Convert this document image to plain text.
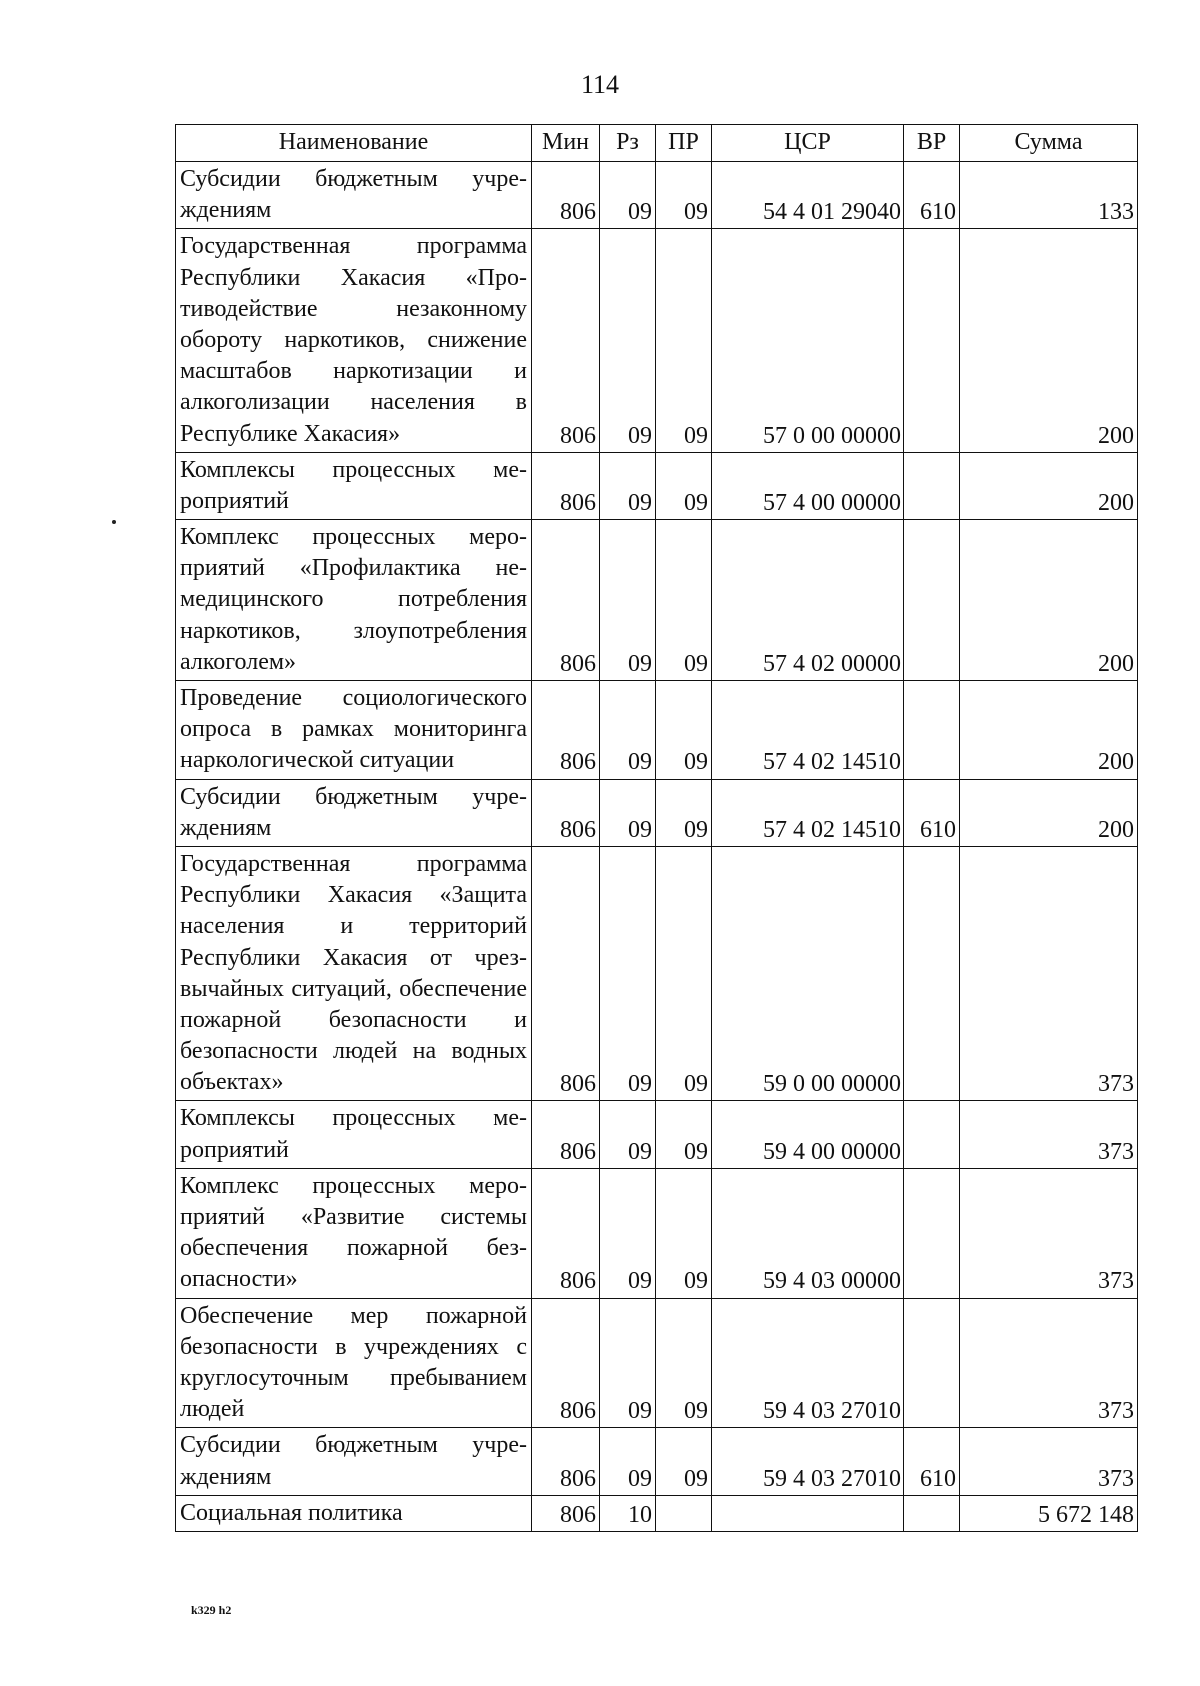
114
Наименование	Мин	Рз	ПР	ЦСР	ВР	Сумма
Субсидии бюджетным учреждениям	806	09	09	54 4 01 29040	610	133
Государственная программа Республики Хакасия «Противодействие незаконному обороту наркотиков, снижение масштабов наркотизации и алкоголизации населения в Республике Хакасия»	806	09	09	57 0 00 00000		200
Комплексы процессных мероприятий	806	09	09	57 4 00 00000		200
Комплекс процессных мероприятий «Профилактика немедицинского потребления наркотиков, злоупотребления алкоголем»	806	09	09	57 4 02 00000		200
Проведение социологического опроса в рамках мониторинга наркологической ситуации	806	09	09	57 4 02 14510		200
Субсидии бюджетным учреждениям	806	09	09	57 4 02 14510	610	200
Государственная программа Республики Хакасия «Защита населения и территорий Республики Хакасия от чрезвычайных ситуаций, обеспечение пожарной безопасности и безопасности людей на водных объектах»	806	09	09	59 0 00 00000		373
Комплексы процессных мероприятий	806	09	09	59 4 00 00000		373
Комплекс процессных мероприятий «Развитие системы обеспечения пожарной безопасности»	806	09	09	59 4 03 00000		373
Обеспечение мер пожарной безопасности в учреждениях с круглосуточным пребыванием людей	806	09	09	59 4 03 27010		373
Субсидии бюджетным учреждениям	806	09	09	59 4 03 27010	610	373
Социальная политика	806	10				5 672 148
k329 h2
